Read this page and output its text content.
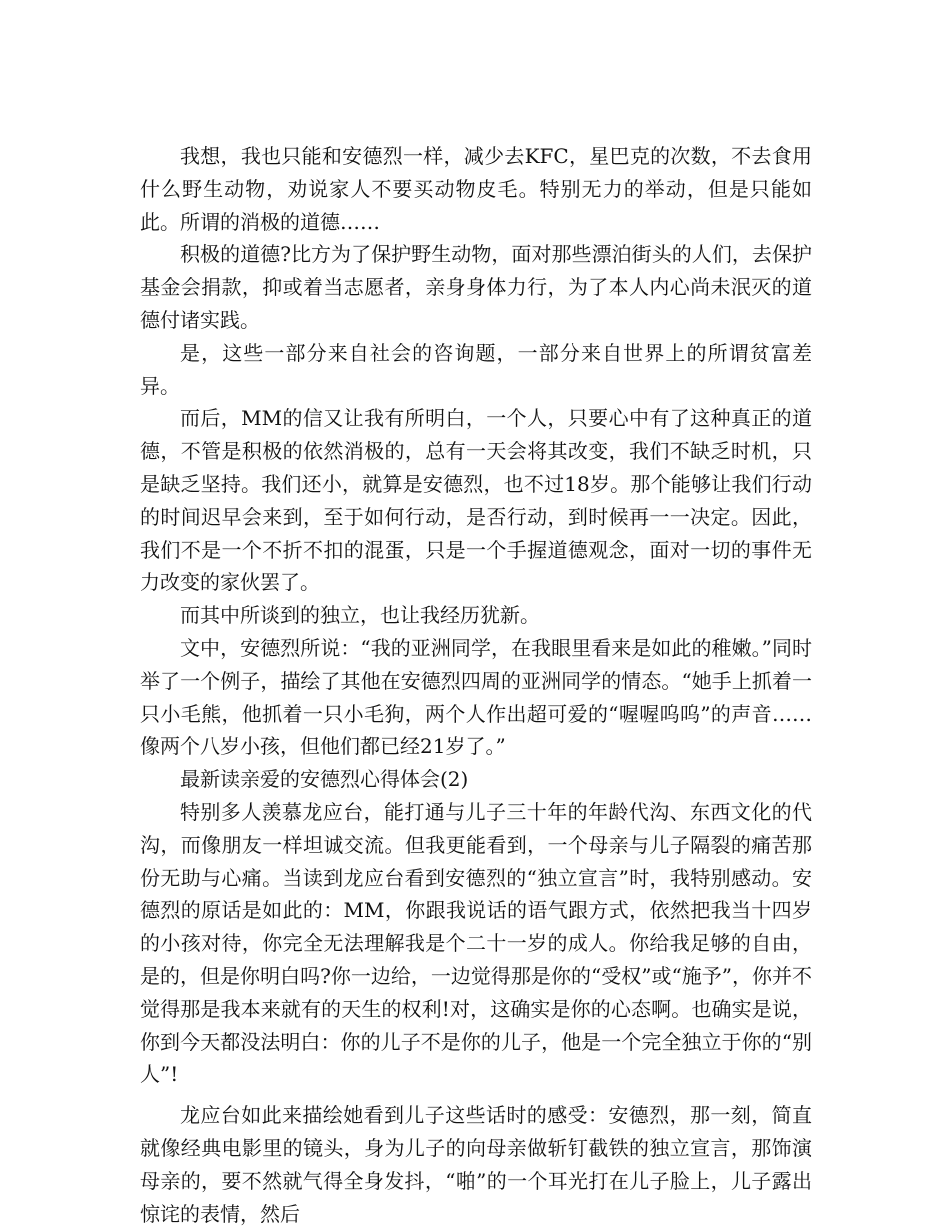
我想，我也只能和安德烈一样，减少去KFC，星巴克的次数，不去食用什么野生动物，劝说家人不要买动物皮毛。特别无力的举动，但是只能如此。所谓的消极的道德……

积极的道德?比方为了保护野生动物，面对那些漂泊街头的人们，去保护基金会捐款，抑或着当志愿者，亲身身体力行，为了本人内心尚未泯灭的道德付诸实践。

是，这些一部分来自社会的咨询题，一部分来自世界上的所谓贫富差异。

而后，MM的信又让我有所明白，一个人，只要心中有了这种真正的道德，不管是积极的依然消极的，总有一天会将其改变，我们不缺乏时机，只是缺乏坚持。我们还小，就算是安德烈，也不过18岁。那个能够让我们行动的时间迟早会来到，至于如何行动，是否行动，到时候再一一决定。因此，我们不是一个不折不扣的混蛋，只是一个手握道德观念，面对一切的事件无力改变的家伙罢了。

而其中所谈到的独立，也让我经历犹新。

文中，安德烈所说：“我的亚洲同学，在我眼里看来是如此的稚嫩。”同时举了一个例子，描绘了其他在安德烈四周的亚洲同学的情态。“她手上抓着一只小毛熊，他抓着一只小毛狗，两个人作出超可爱的“喔喔呜呜”的声音……像两个八岁小孩，但他们都已经21岁了。”

最新读亲爱的安德烈心得体会(2)

特别多人羡慕龙应台，能打通与儿子三十年的年龄代沟、东西文化的代沟，而像朋友一样坦诚交流。但我更能看到，一个母亲与儿子隔裂的痛苦那份无助与心痛。当读到龙应台看到安德烈的“独立宣言”时，我特别感动。安德烈的原话是如此的：MM，你跟我说话的语气跟方式，依然把我当十四岁的小孩对待，你完全无法理解我是个二十一岁的成人。你给我足够的自由，是的，但是你明白吗?你一边给，一边觉得那是你的“受权”或“施予”，你并不觉得那是我本来就有的天生的权利!对，这确实是你的心态啊。也确实是说，你到今天都没法明白：你的儿子不是你的儿子，他是一个完全独立于你的“别人”!

龙应台如此来描绘她看到儿子这些话时的感受：安德烈，那一刻，简直就像经典电影里的镜头，身为儿子的向母亲做斩钉截铁的独立宣言，那饰演母亲的，要不然就气得全身发抖，“啪”的一个耳光打在儿子脸上，儿子露出惊诧的表情，然后
